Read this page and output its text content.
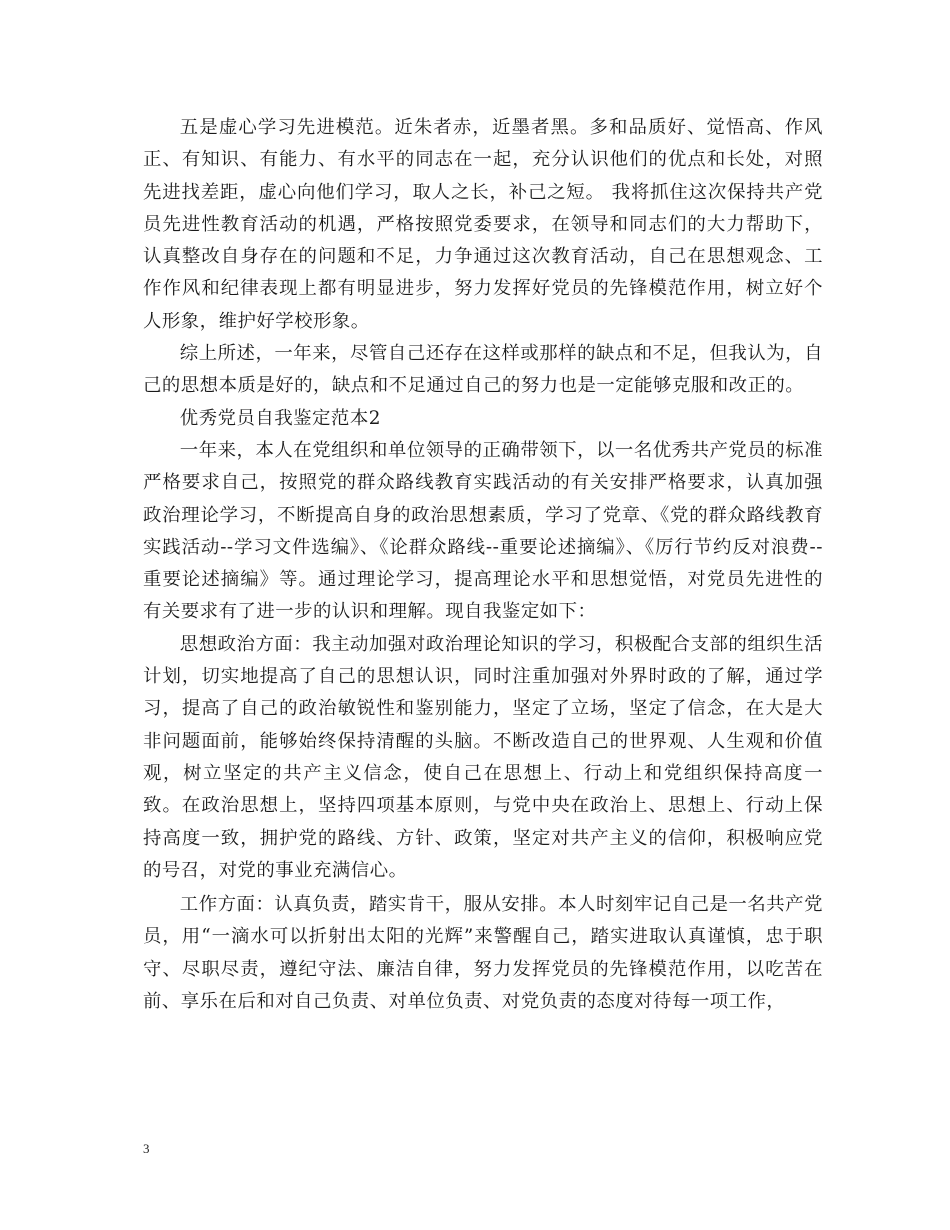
五是虚心学习先进模范。近朱者赤，近墨者黑。多和品质好、觉悟高、作风正、有知识、有能力、有水平的同志在一起，充分认识他们的优点和长处，对照先进找差距，虚心向他们学习，取人之长，补己之短。 我将抓住这次保持共产党员先进性教育活动的机遇，严格按照党委要求，在领导和同志们的大力帮助下，认真整改自身存在的问题和不足，力争通过这次教育活动，自己在思想观念、工作作风和纪律表现上都有明显进步，努力发挥好党员的先锋模范作用，树立好个人形象，维护好学校形象。

综上所述，一年来，尽管自己还存在这样或那样的缺点和不足，但我认为，自己的思想本质是好的，缺点和不足通过自己的努力也是一定能够克服和改正的。

优秀党员自我鉴定范本2

一年来，本人在党组织和单位领导的正确带领下，以一名优秀共产党员的标准严格要求自己，按照党的群众路线教育实践活动的有关安排严格要求，认真加强政治理论学习，不断提高自身的政治思想素质，学习了党章、《党的群众路线教育实践活动--学习文件选编》、《论群众路线--重要论述摘编》、《厉行节约反对浪费--重要论述摘编》等。通过理论学习，提高理论水平和思想觉悟，对党员先进性的有关要求有了进一步的认识和理解。现自我鉴定如下：

思想政治方面：我主动加强对政治理论知识的学习，积极配合支部的组织生活计划，切实地提高了自己的思想认识，同时注重加强对外界时政的了解，通过学习，提高了自己的政治敏锐性和鉴别能力，坚定了立场，坚定了信念，在大是大非问题面前，能够始终保持清醒的头脑。不断改造自己的世界观、人生观和价值观，树立坚定的共产主义信念，使自己在思想上、行动上和党组织保持高度一致。在政治思想上，坚持四项基本原则，与党中央在政治上、思想上、行动上保持高度一致，拥护党的路线、方针、政策，坚定对共产主义的信仰，积极响应党的号召，对党的事业充满信心。

工作方面：认真负责，踏实肯干，服从安排。本人时刻牢记自己是一名共产党员，用“一滴水可以折射出太阳的光辉”来警醒自己，踏实进取认真谨慎，忠于职守、尽职尽责，遵纪守法、廉洁自律，努力发挥党员的先锋模范作用，以吃苦在前、享乐在后和对自己负责、对单位负责、对党负责的态度对待每一项工作，

3
